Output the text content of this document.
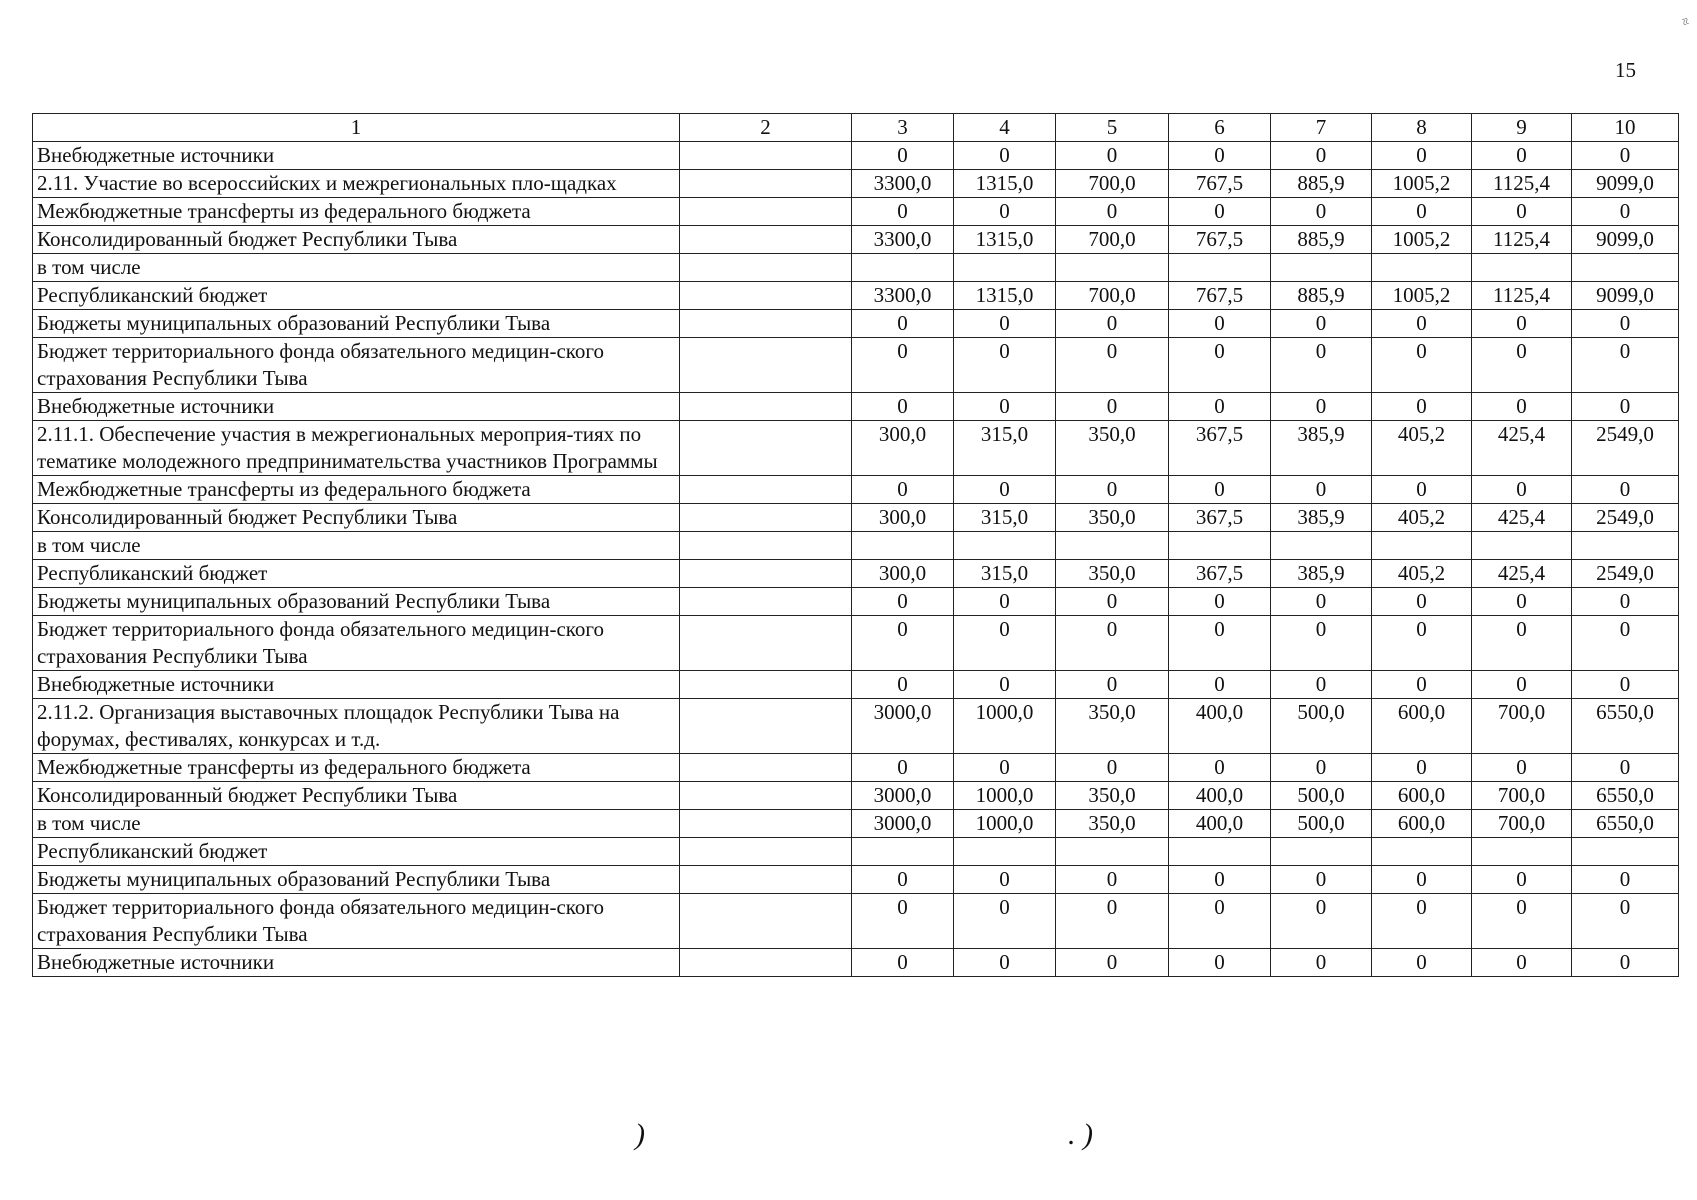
15
≈
1	2	3	4	5	6	7	8	9	10
Внебюджетные источники		0	0	0	0	0	0	0	0
2.11. Участие во всероссийских и межрегиональных пло-щадках		3300,0	1315,0	700,0	767,5	885,9	1005,2	1125,4	9099,0
Межбюджетные трансферты из федерального бюджета		0	0	0	0	0	0	0	0
Консолидированный бюджет Республики Тыва		3300,0	1315,0	700,0	767,5	885,9	1005,2	1125,4	9099,0
в том числе									
Республиканский бюджет		3300,0	1315,0	700,0	767,5	885,9	1005,2	1125,4	9099,0
Бюджеты муниципальных образований Республики Тыва		0	0	0	0	0	0	0	0
Бюджет территориального фонда обязательного медицин-ского страхования Республики Тыва		0	0	0	0	0	0	0	0
Внебюджетные источники		0	0	0	0	0	0	0	0
2.11.1. Обеспечение участия в межрегиональных мероприя-тиях по тематике молодежного предпринимательства участников Программы		300,0	315,0	350,0	367,5	385,9	405,2	425,4	2549,0
Межбюджетные трансферты из федерального бюджета		0	0	0	0	0	0	0	0
Консолидированный бюджет Республики Тыва		300,0	315,0	350,0	367,5	385,9	405,2	425,4	2549,0
в том числе									
Республиканский бюджет		300,0	315,0	350,0	367,5	385,9	405,2	425,4	2549,0
Бюджеты муниципальных образований Республики Тыва		0	0	0	0	0	0	0	0
Бюджет территориального фонда обязательного медицин-ского страхования Республики Тыва		0	0	0	0	0	0	0	0
Внебюджетные источники		0	0	0	0	0	0	0	0
2.11.2. Организация выставочных площадок Республики Тыва на форумах, фестивалях, конкурсах и т.д.		3000,0	1000,0	350,0	400,0	500,0	600,0	700,0	6550,0
Межбюджетные трансферты из федерального бюджета		0	0	0	0	0	0	0	0
Консолидированный бюджет Республики Тыва		3000,0	1000,0	350,0	400,0	500,0	600,0	700,0	6550,0
в том числе		3000,0	1000,0	350,0	400,0	500,0	600,0	700,0	6550,0
Республиканский бюджет									
Бюджеты муниципальных образований Республики Тыва		0	0	0	0	0	0	0	0
Бюджет территориального фонда обязательного медицин-ского страхования Республики Тыва		0	0	0	0	0	0	0	0
Внебюджетные источники		0	0	0	0	0	0	0	0
)	. )
